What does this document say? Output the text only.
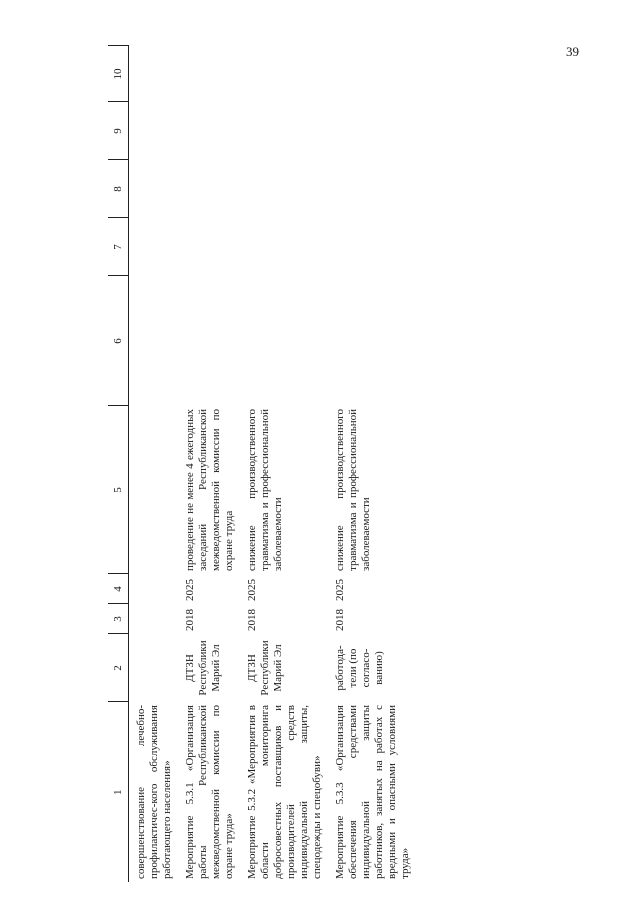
39
1	2	3	4	5	6	7	8	9	10
совершенствование лечебно-профилактичес-кого обслуживания работающего населения»									
Мероприятие 5.3.1 «Организация работы Республиканской межведомственной комиссии по охране труда»	ДТЗН Республики Марий Эл	2018	2025	проведение не менее 4 ежегодных заседаний Республиканской межведомственной комиссии по охране труда					
Мероприятие 5.3.2 «Мероприятия в области мониторинга добросовестных поставщиков и производителей средств индивидуальной защиты, спецодежды и спецобуви»	ДТЗН Республики Марий Эл	2018	2025	снижение производственного травматизма и профессиональной заболеваемости					
Мероприятие 5.3.3 «Организация обеспечения средствами индивидуальной защиты работников, занятых на работах с вредными и опасными условиями труда»	работода-тели (по согласо-ванию)	2018	2025	снижение производственного травматизма и профессиональной заболеваемости					
